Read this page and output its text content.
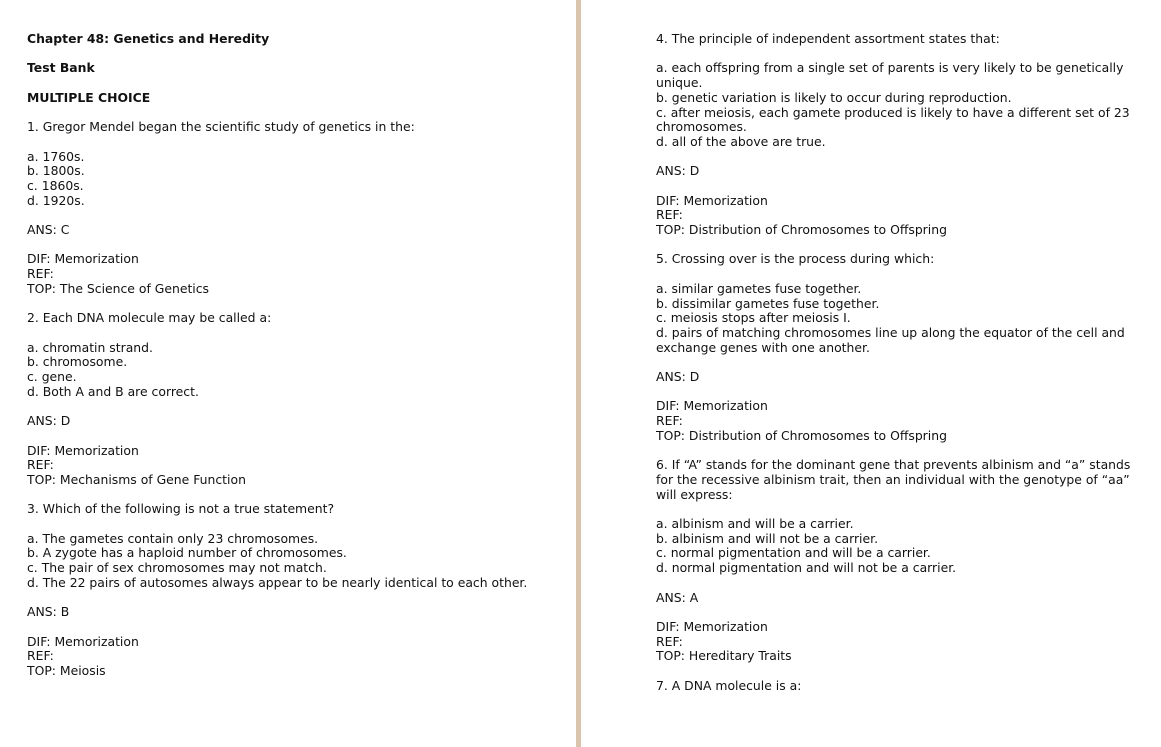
Chapter 48: Genetics and Heredity

Test Bank

MULTIPLE CHOICE

1. Gregor Mendel began the scientific study of genetics in the:

a. 1760s.

b. 1800s.

c. 1860s.

d. 1920s.

ANS: C

DIF: Memorization

REF:

TOP: The Science of Genetics

2. Each DNA molecule may be called a:

a. chromatin strand.

b. chromosome.

c. gene.

d. Both A and B are correct.

ANS: D

DIF: Memorization

REF:

TOP: Mechanisms of Gene Function

3. Which of the following is not a true statement?

a. The gametes contain only 23 chromosomes.

b. A zygote has a haploid number of chromosomes.

c. The pair of sex chromosomes may not match.

d. The 22 pairs of autosomes always appear to be nearly identical to each other.

ANS: B

DIF: Memorization

REF:

TOP: Meiosis

4. The principle of independent assortment states that:

a. each offspring from a single set of parents is very likely to be genetically unique.

b. genetic variation is likely to occur during reproduction.

c. after meiosis, each gamete produced is likely to have a different set of 23 chromosomes.

d. all of the above are true.

ANS: D

DIF: Memorization

REF:

TOP: Distribution of Chromosomes to Offspring

5. Crossing over is the process during which:

a. similar gametes fuse together.

b. dissimilar gametes fuse together.

c. meiosis stops after meiosis I.

d. pairs of matching chromosomes line up along the equator of the cell and exchange genes with one another.

ANS: D

DIF: Memorization

REF:

TOP: Distribution of Chromosomes to Offspring

6. If “A” stands for the dominant gene that prevents albinism and “a” stands for the recessive albinism trait, then an individual with the genotype of “aa” will express:

a. albinism and will be a carrier.

b. albinism and will not be a carrier.

c. normal pigmentation and will be a carrier.

d. normal pigmentation and will not be a carrier.

ANS: A

DIF: Memorization

REF:

TOP: Hereditary Traits

7. A DNA molecule is a:
